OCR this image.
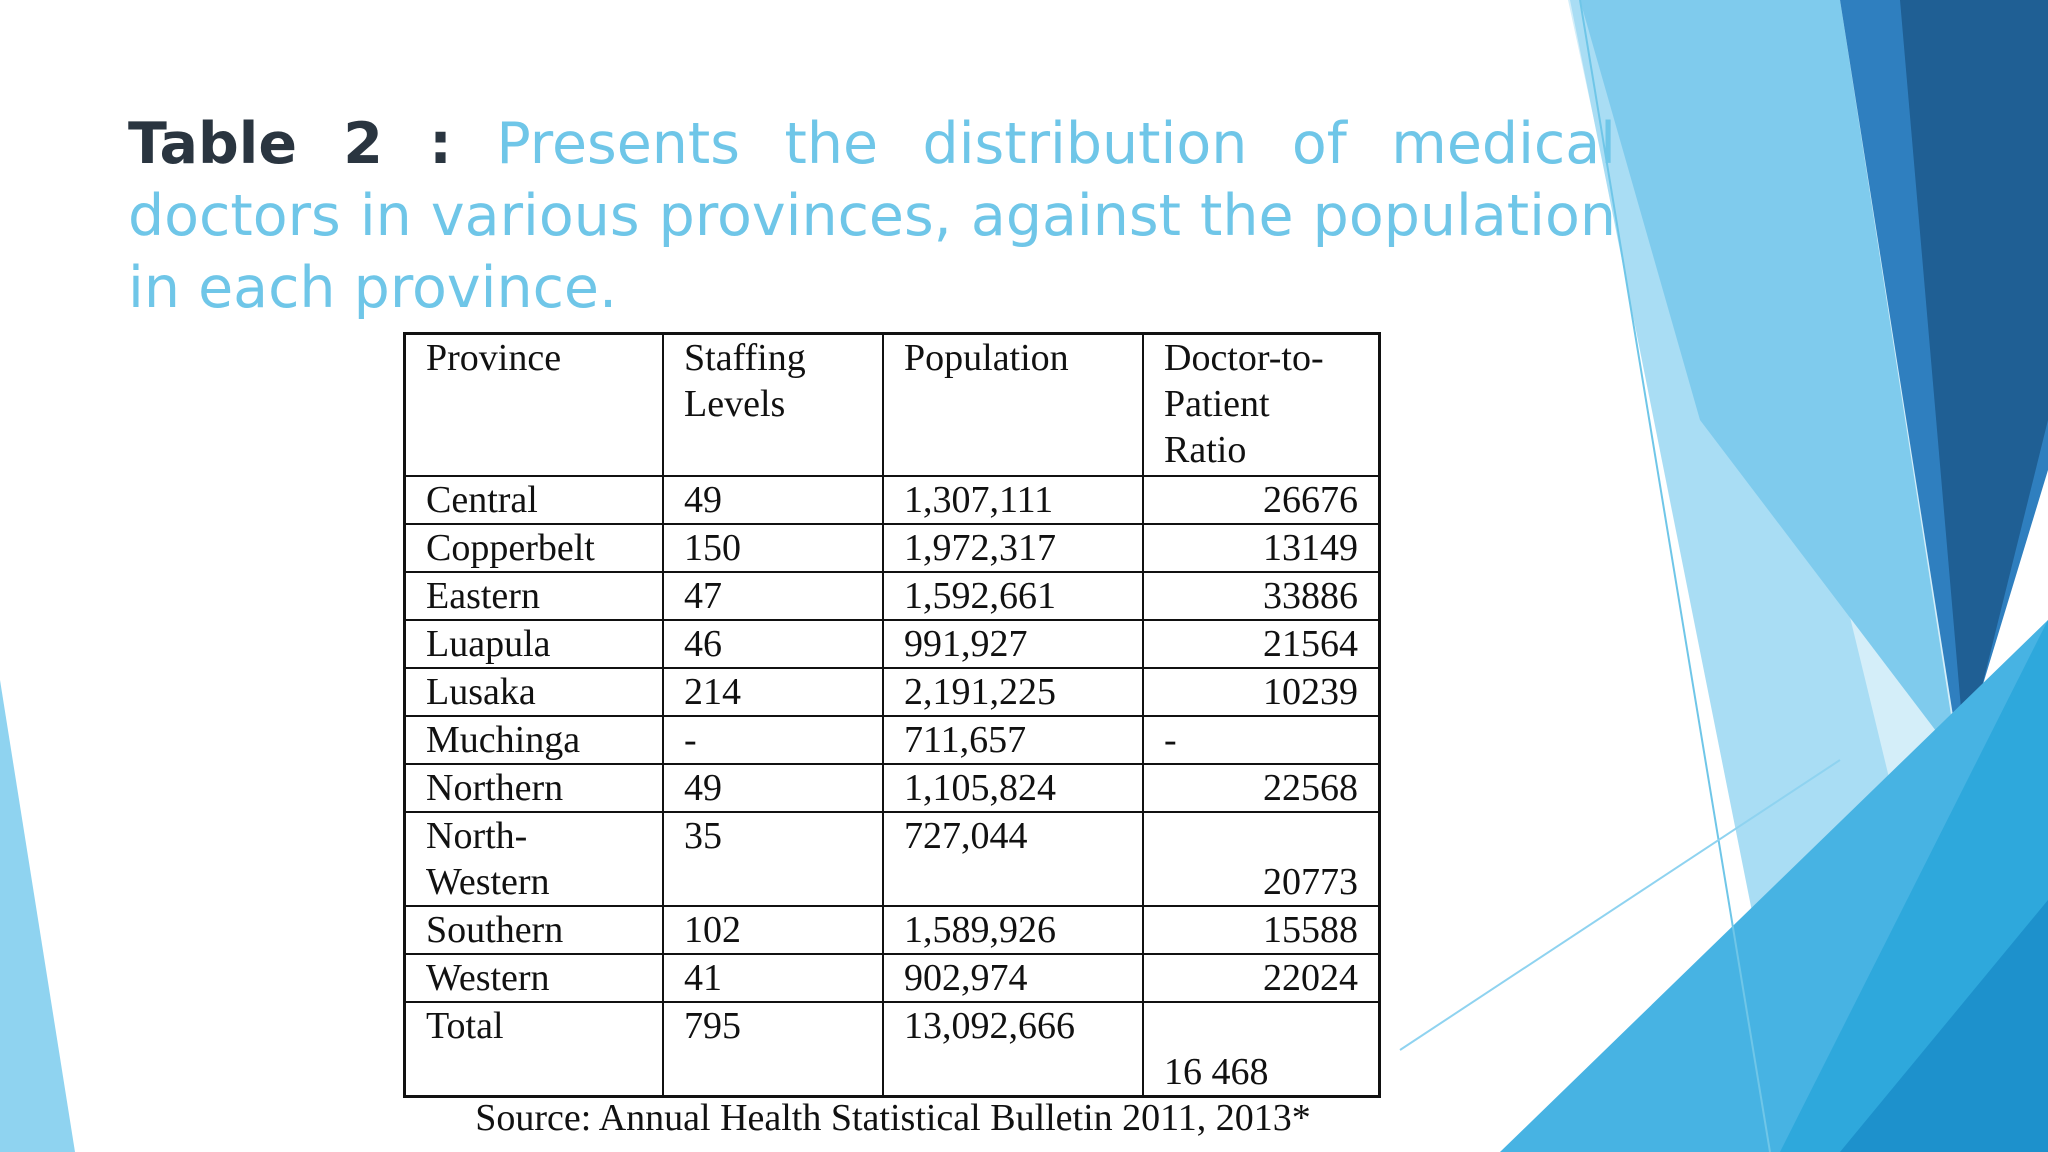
Table 2 : Presents the distribution of medical doctors in various provinces, against the population in each province.
Province	Staffing Levels	Population	Doctor-to- Patient Ratio
Central	49	1,307,111	26676
Copperbelt	150	1,972,317	13149
Eastern	47	1,592,661	33886
Luapula	46	991,927	21564
Lusaka	214	2,191,225	10239
Muchinga	-	711,657	-
Northern	49	1,105,824	22568
North- Western	35	727,044	20773
Southern	102	1,589,926	15588
Western	41	902,974	22024
Total	795	13,092,666	16 468
Source: Annual Health Statistical Bulletin 2011, 2013*
